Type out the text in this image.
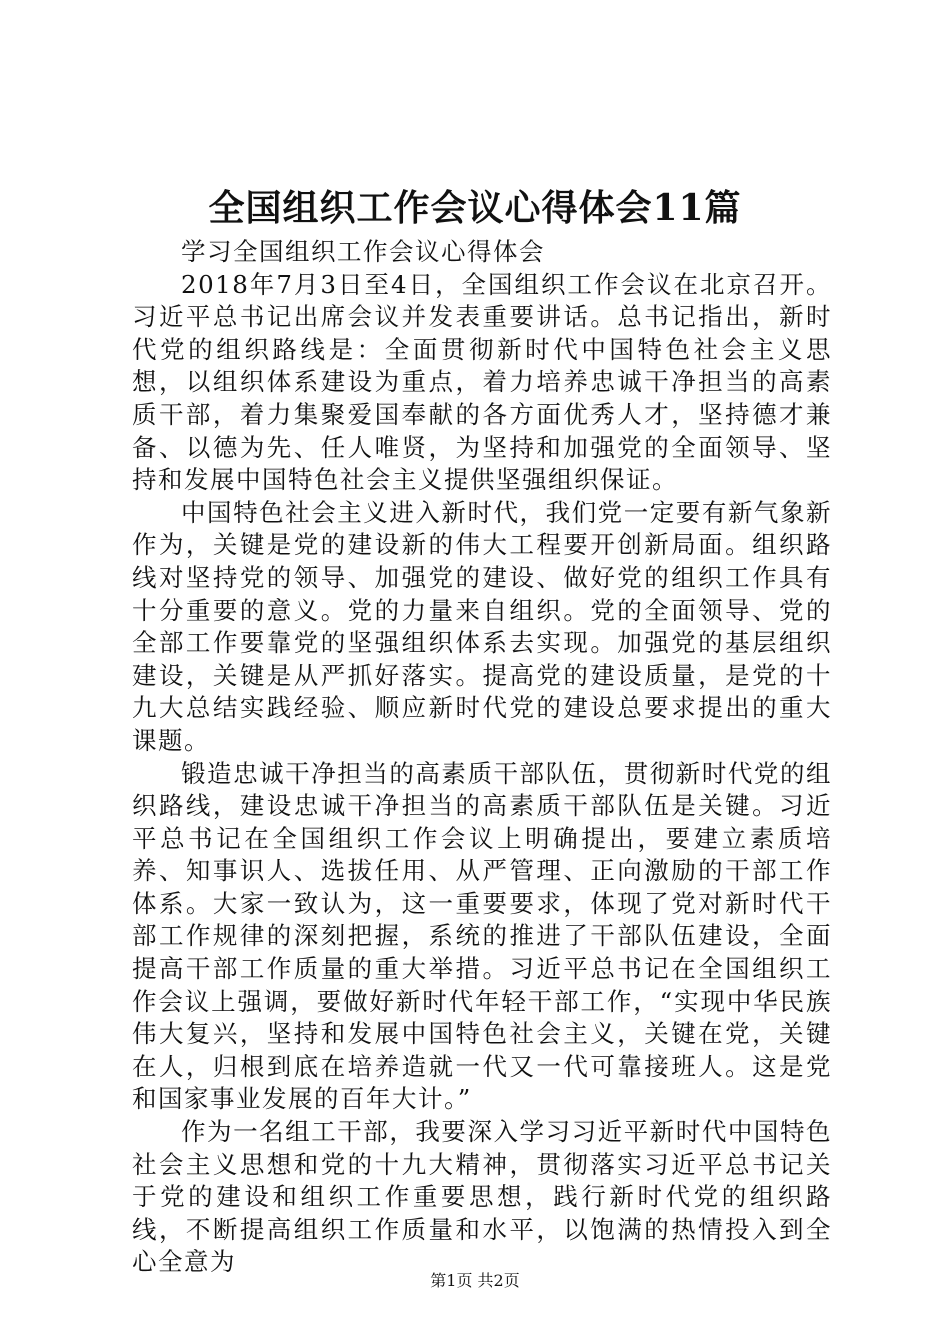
全国组织工作会议心得体会11篇

学习全国组织工作会议心得体会

2018年7月3日至4日，全国组织工作会议在北京召开。习近平总书记出席会议并发表重要讲话。总书记指出，新时代党的组织路线是：全面贯彻新时代中国特色社会主义思想，以组织体系建设为重点，着力培养忠诚干净担当的高素质干部，着力集聚爱国奉献的各方面优秀人才，坚持德才兼备、以德为先、任人唯贤，为坚持和加强党的全面领导、坚持和发展中国特色社会主义提供坚强组织保证。

中国特色社会主义进入新时代，我们党一定要有新气象新作为，关键是党的建设新的伟大工程要开创新局面。组织路线对坚持党的领导、加强党的建设、做好党的组织工作具有十分重要的意义。党的力量来自组织。党的全面领导、党的全部工作要靠党的坚强组织体系去实现。加强党的基层组织建设，关键是从严抓好落实。提高党的建设质量，是党的十九大总结实践经验、顺应新时代党的建设总要求提出的重大课题。

锻造忠诚干净担当的高素质干部队伍，贯彻新时代党的组织路线，建设忠诚干净担当的高素质干部队伍是关键。习近平总书记在全国组织工作会议上明确提出，要建立素质培养、知事识人、选拔任用、从严管理、正向激励的干部工作体系。大家一致认为，这一重要要求，体现了党对新时代干部工作规律的深刻把握，系统的推进了干部队伍建设，全面提高干部工作质量的重大举措。习近平总书记在全国组织工作会议上强调，要做好新时代年轻干部工作，“实现中华民族伟大复兴，坚持和发展中国特色社会主义，关键在党，关键在人，归根到底在培养造就一代又一代可靠接班人。这是党和国家事业发展的百年大计。”

作为一名组工干部，我要深入学习习近平新时代中国特色社会主义思想和党的十九大精神，贯彻落实习近平总书记关于党的建设和组织工作重要思想，践行新时代党的组织路线，不断提高组织工作质量和水平，以饱满的热情投入到全心全意为

第1页 共2页
